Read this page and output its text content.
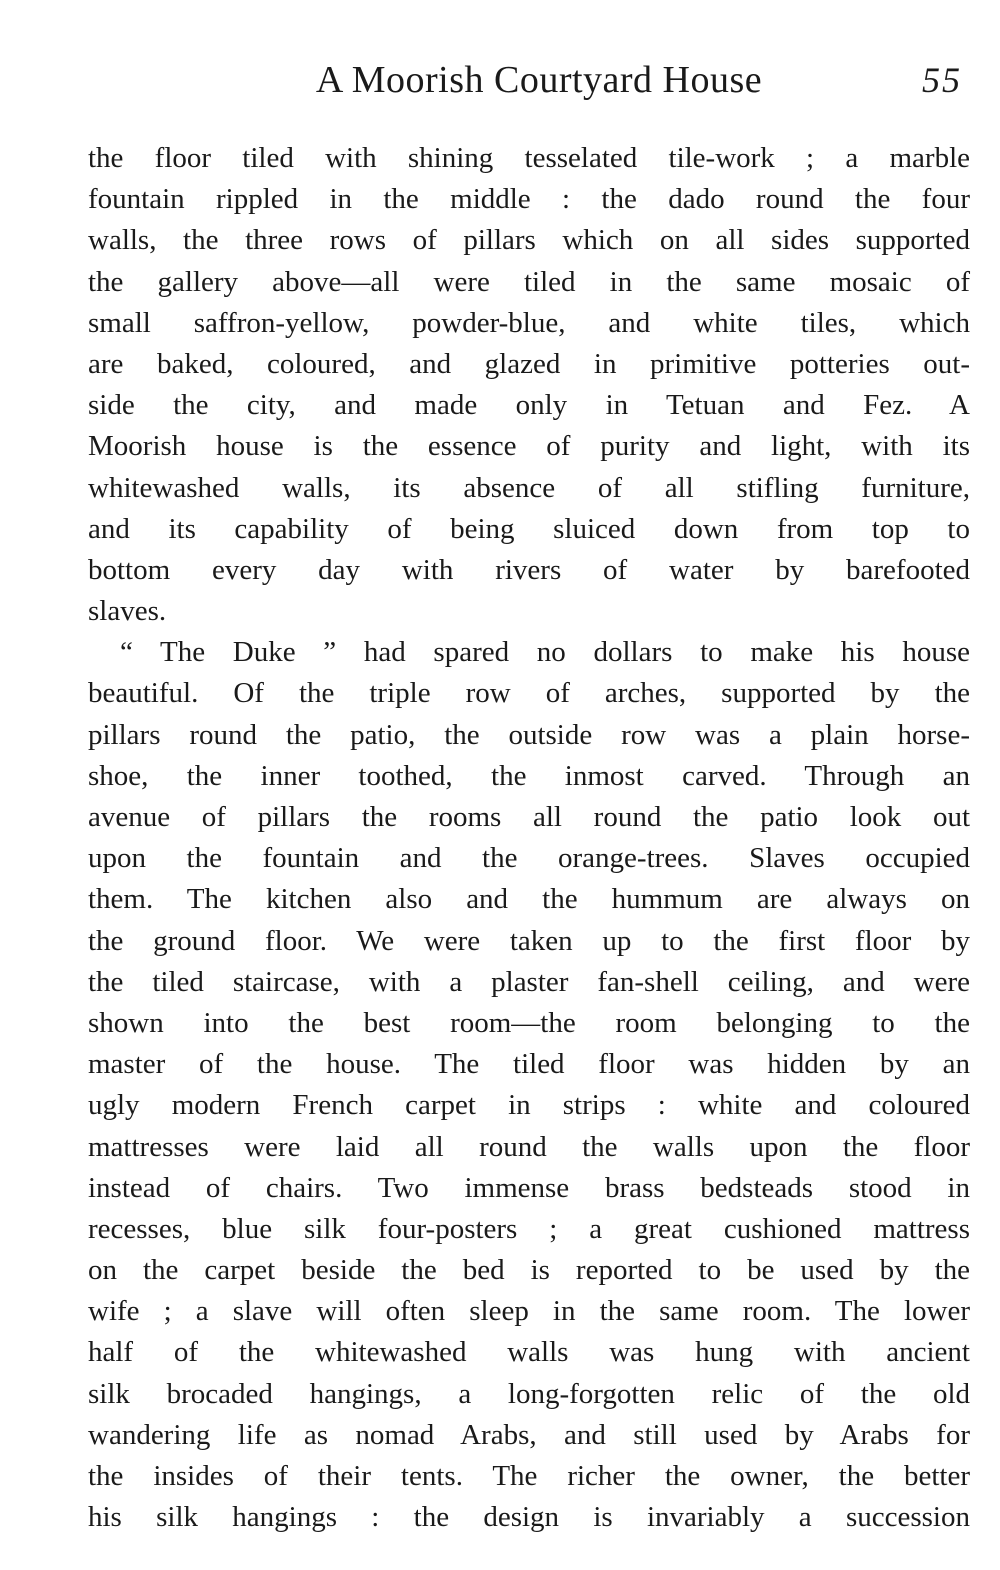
A Moorish Courtyard House	55

the floor tiled with shining tesselated tile-work ; a marble
fountain rippled in the middle : the dado round the four
walls, the three rows of pillars which on all sides supported
the gallery above—all were tiled in the same mosaic of
small saffron-yellow, powder-blue, and white tiles, which
are baked, coloured, and glazed in primitive potteries out-
side the city, and made only in Tetuan and Fez. A
Moorish house is the essence of purity and light, with its
whitewashed walls, its absence of all stifling furniture,
and its capability of being sluiced down from top to
bottom every day with rivers of water by barefooted
slaves.

“ The Duke ” had spared no dollars to make his house
beautiful. Of the triple row of arches, supported by the
pillars round the patio, the outside row was a plain horse-
shoe, the inner toothed, the inmost carved. Through an
avenue of pillars the rooms all round the patio look out
upon the fountain and the orange-trees. Slaves occupied
them. The kitchen also and the hummum are always on
the ground floor. We were taken up to the first floor by
the tiled staircase, with a plaster fan-shell ceiling, and were
shown into the best room—the room belonging to the
master of the house. The tiled floor was hidden by an
ugly modern French carpet in strips : white and coloured
mattresses were laid all round the walls upon the floor
instead of chairs. Two immense brass bedsteads stood in
recesses, blue silk four-posters ; a great cushioned mattress
on the carpet beside the bed is reported to be used by the
wife ; a slave will often sleep in the same room. The lower
half of the whitewashed walls was hung with ancient
silk brocaded hangings, a long-forgotten relic of the old
wandering life as nomad Arabs, and still used by Arabs for
the insides of their tents. The richer the owner, the better
his silk hangings : the design is invariably a succession
